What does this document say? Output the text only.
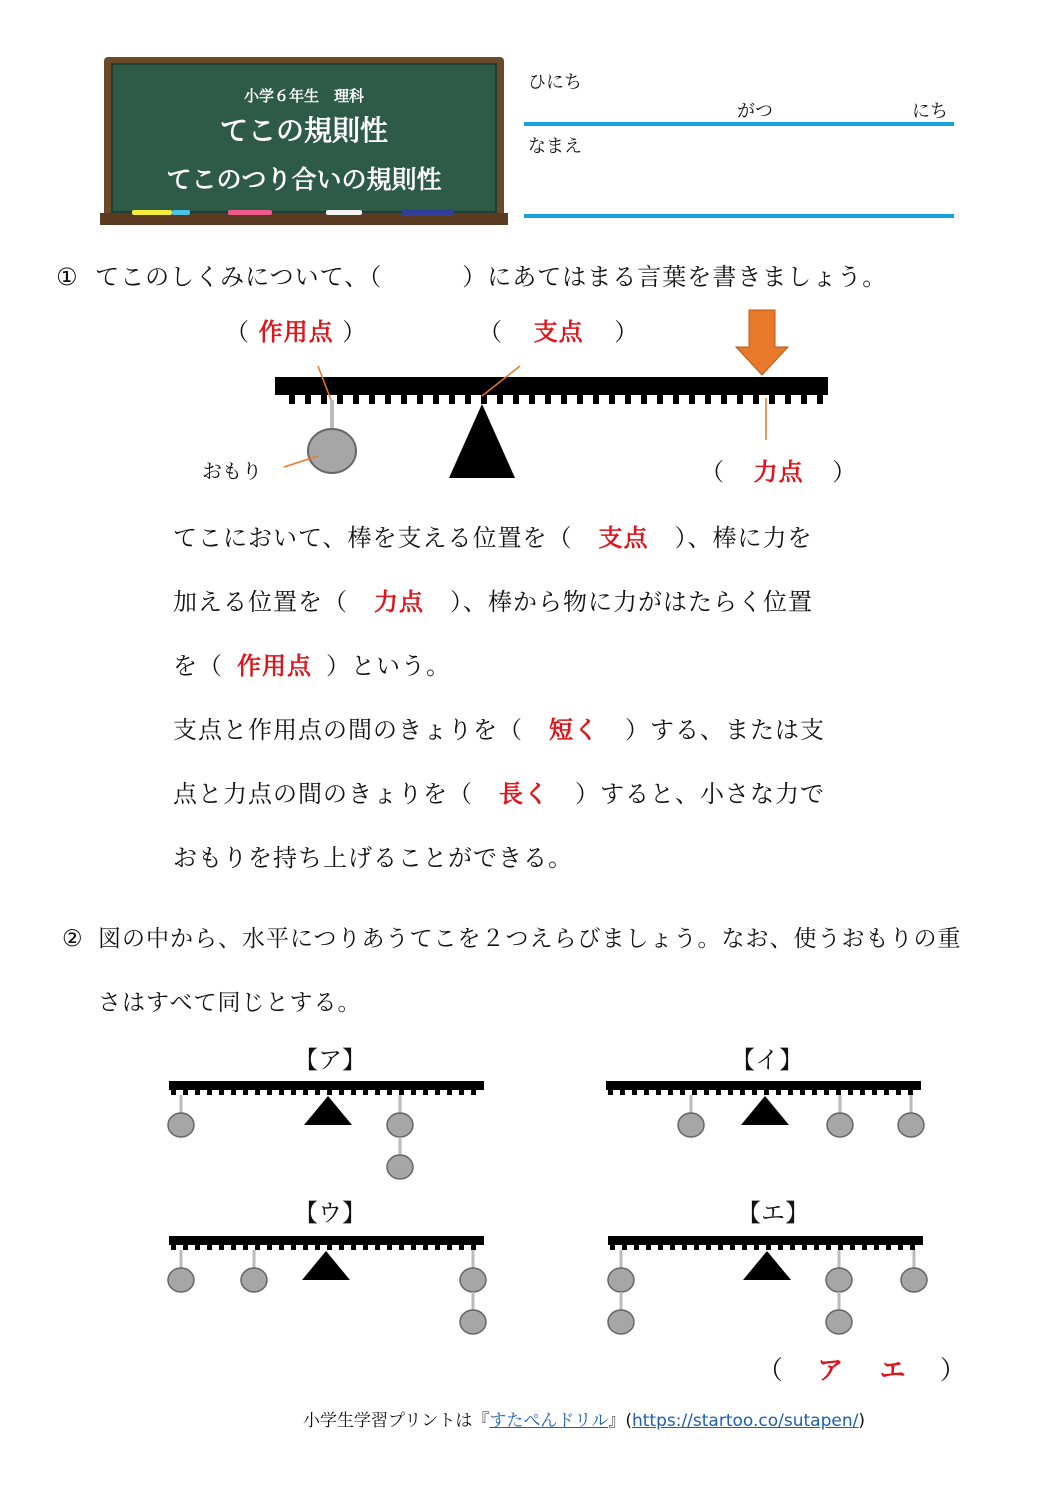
小学６年生　理科
てこの規則性
てこのつり合いの規則性
ひにち
がつ	にち
なまえ
① てこのしくみについて、（	）にあてはまる言葉を書きましょう。
（ 作用点 ）	（ 支点 ）
（ 力点 ）
おもり
てこにおいて、棒を支える位置を（ 支点 ）、棒に力を
加える位置を（ 力点 ）、棒から物に力がはたらく位置
を（ 作用点 ）という。
支点と作用点の間のきょりを（ 短く ）する、または支
点と力点の間のきょりを（ 長く ）すると、小さな力で
おもりを持ち上げることができる。
② 図の中から、水平につりあうてこを２つえらびましょう。なお、使うおもりの重
さはすべて同じとする。
【ア】	【イ】
【ウ】	【エ】
（ ア エ ）
小学生学習プリントは『すたぺんドリル』(https://startoo.co/sutapen/)
